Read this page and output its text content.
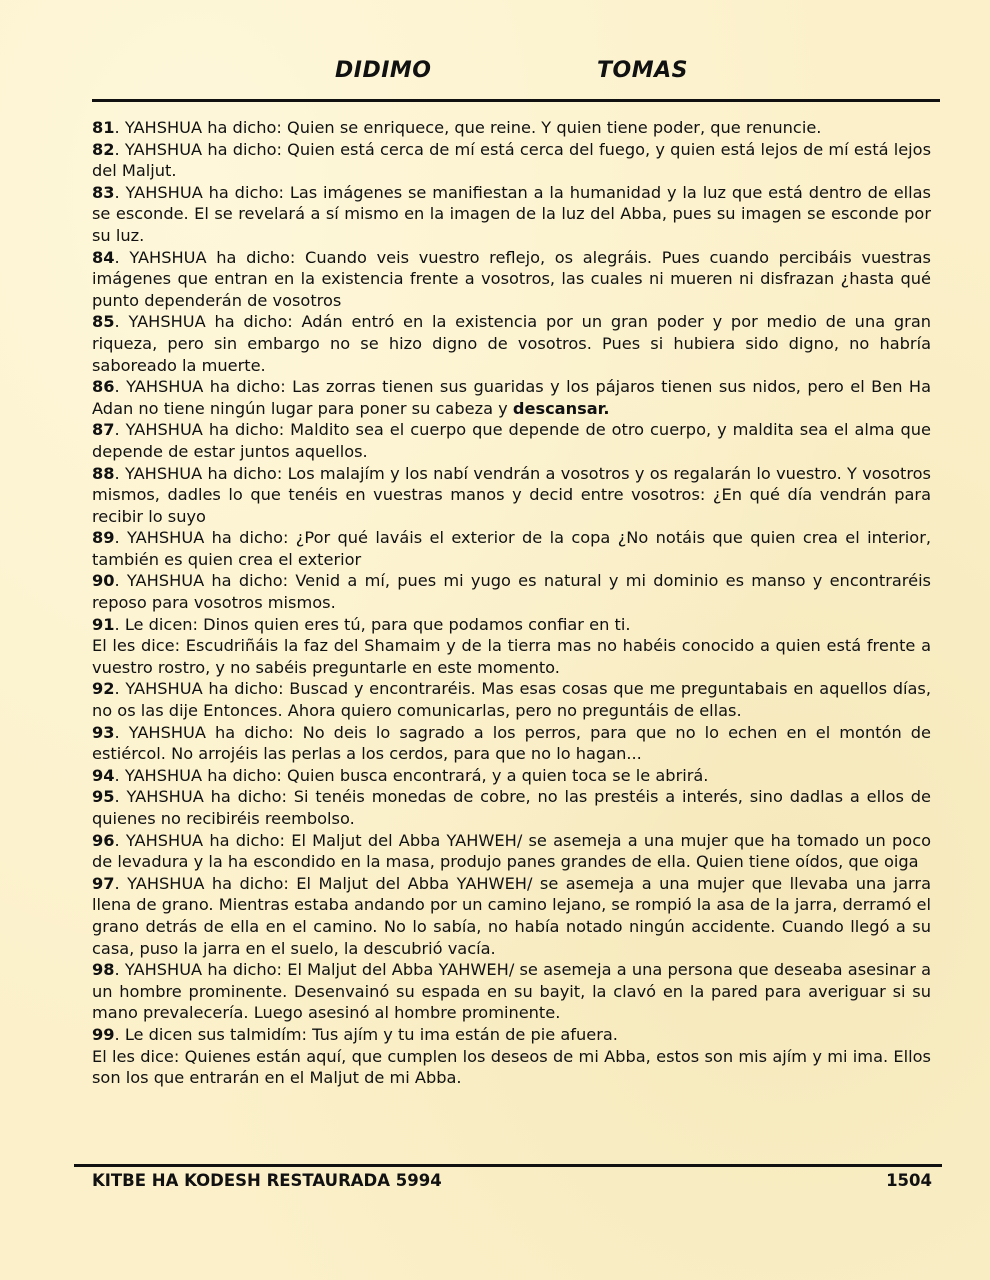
DIDIMO	TOMAS

81. YAHSHUA ha dicho: Quien se enriquece, que reine. Y quien tiene poder, que renuncie.

82. YAHSHUA ha dicho: Quien está cerca de mí está cerca del fuego, y quien está lejos de mí está lejos del Maljut.

83. YAHSHUA ha dicho: Las imágenes se manifiestan a la humanidad y la luz que está dentro de ellas se esconde. El se revelará a sí mismo en la imagen de la luz del Abba, pues su imagen se esconde por su luz.

84. YAHSHUA ha dicho: Cuando veis vuestro reflejo, os alegráis. Pues cuando percibáis vuestras imágenes que entran en la existencia frente a vosotros, las cuales ni mueren ni disfrazan ¿hasta qué punto dependerán de vosotros

85. YAHSHUA ha dicho: Adán entró en la existencia por un gran poder y por medio de una gran riqueza, pero sin embargo no se hizo digno de vosotros. Pues si hubiera sido digno, no habría saboreado la muerte.

86. YAHSHUA ha dicho: Las zorras tienen sus guaridas y los pájaros tienen sus nidos, pero el Ben Ha Adan no tiene ningún lugar para poner su cabeza y descansar.

87. YAHSHUA ha dicho: Maldito sea el cuerpo que depende de otro cuerpo, y maldita sea el alma que depende de estar juntos aquellos.

88. YAHSHUA ha dicho: Los malajím y los nabí vendrán a vosotros y os regalarán lo vuestro. Y vosotros mismos, dadles lo que tenéis en vuestras manos y decid entre vosotros: ¿En qué día vendrán para recibir lo suyo

89. YAHSHUA ha dicho: ¿Por qué laváis el exterior de la copa ¿No notáis que quien crea el interior, también es quien crea el exterior

90. YAHSHUA ha dicho: Venid a mí, pues mi yugo es natural y mi dominio es manso y encontraréis reposo para vosotros mismos.

91. Le dicen: Dinos quien eres tú, para que podamos confiar en ti.

El les dice: Escudriñáis la faz del Shamaim y de la tierra mas no habéis conocido a quien está frente a vuestro rostro, y no sabéis preguntarle en este momento.

92. YAHSHUA ha dicho: Buscad y encontraréis. Mas esas cosas que me preguntabais en aquellos días, no os las dije Entonces. Ahora quiero comunicarlas, pero no preguntáis de ellas.

93. YAHSHUA ha dicho: No deis lo sagrado a los perros, para que no lo echen en el montón de estiércol. No arrojéis las perlas a los cerdos, para que no lo hagan...

94. YAHSHUA ha dicho: Quien busca encontrará, y a quien toca se le abrirá.

95. YAHSHUA ha dicho: Si tenéis monedas de cobre, no las prestéis a interés, sino dadlas a ellos de quienes no recibiréis reembolso.

96. YAHSHUA ha dicho: El Maljut del Abba YAHWEH/ se asemeja a una mujer que ha tomado un poco de levadura y la ha escondido en la masa, produjo panes grandes de ella. Quien tiene oídos, que oiga

97. YAHSHUA ha dicho: El Maljut del Abba YAHWEH/ se asemeja a una mujer que llevaba una jarra llena de grano. Mientras estaba andando por un camino lejano, se rompió la asa de la jarra, derramó el grano detrás de ella en el camino. No lo sabía, no había notado ningún accidente. Cuando llegó a su casa, puso la jarra en el suelo, la descubrió vacía.

98. YAHSHUA ha dicho: El Maljut del Abba YAHWEH/ se asemeja a una persona que deseaba asesinar a un hombre prominente. Desenvainó su espada en su bayit, la clavó en la pared para averiguar si su mano prevalecería. Luego asesinó al hombre prominente.

99. Le dicen sus talmidím: Tus ajím y tu ima están de pie afuera.

El les dice: Quienes están aquí, que cumplen los deseos de mi Abba, estos son mis ajím y mi ima. Ellos son los que entrarán en el Maljut de mi Abba.

KITBE HA KODESH RESTAURADA 5994	1504
